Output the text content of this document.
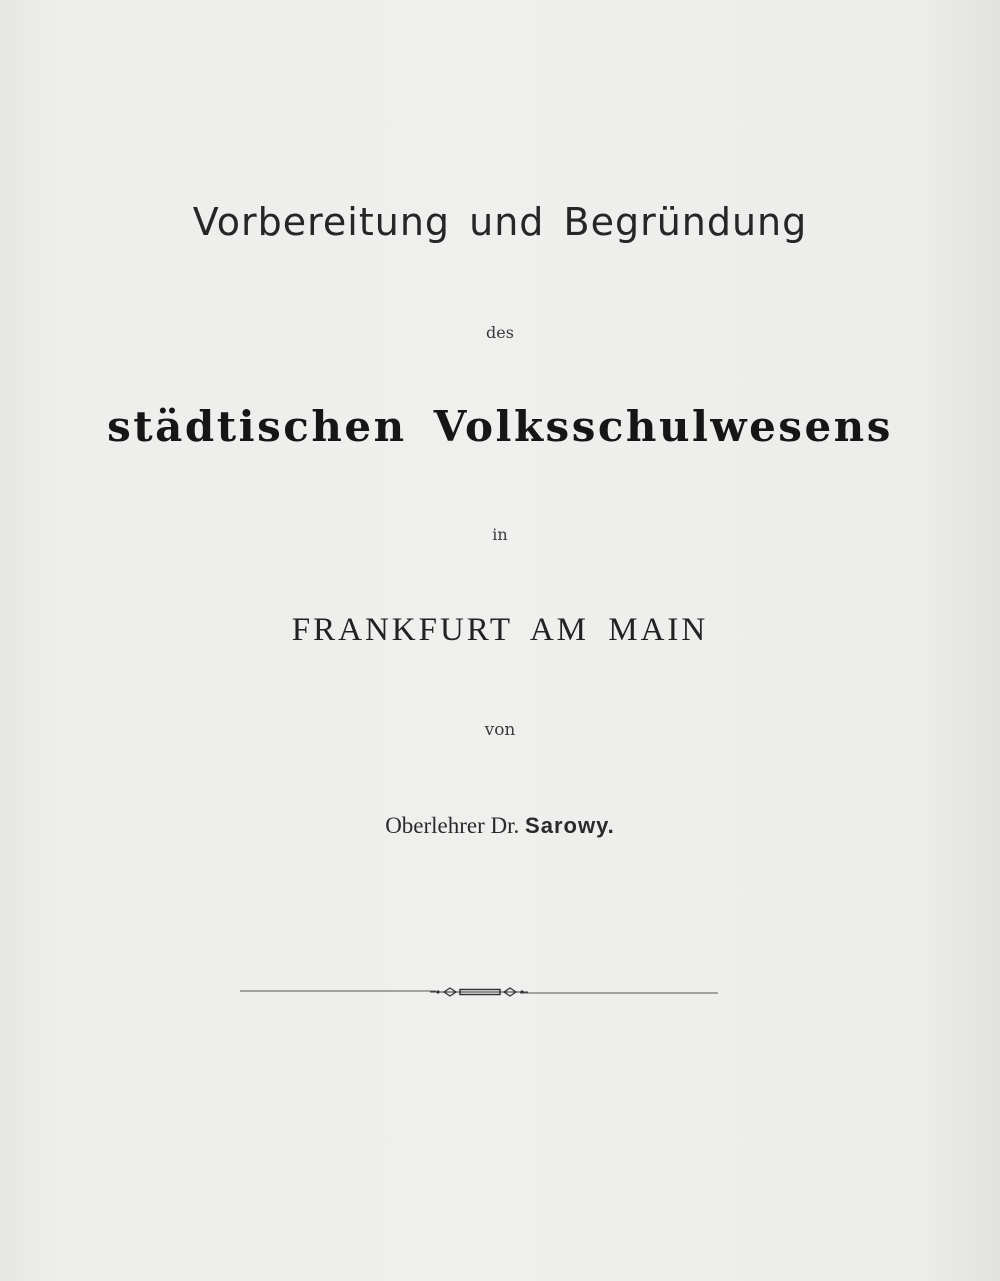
Vorbereitung und Begründung
des
städtischen Volksschulwesens
in
FRANKFURT AM MAIN
von
Oberlehrer Dr. Sarowy.
